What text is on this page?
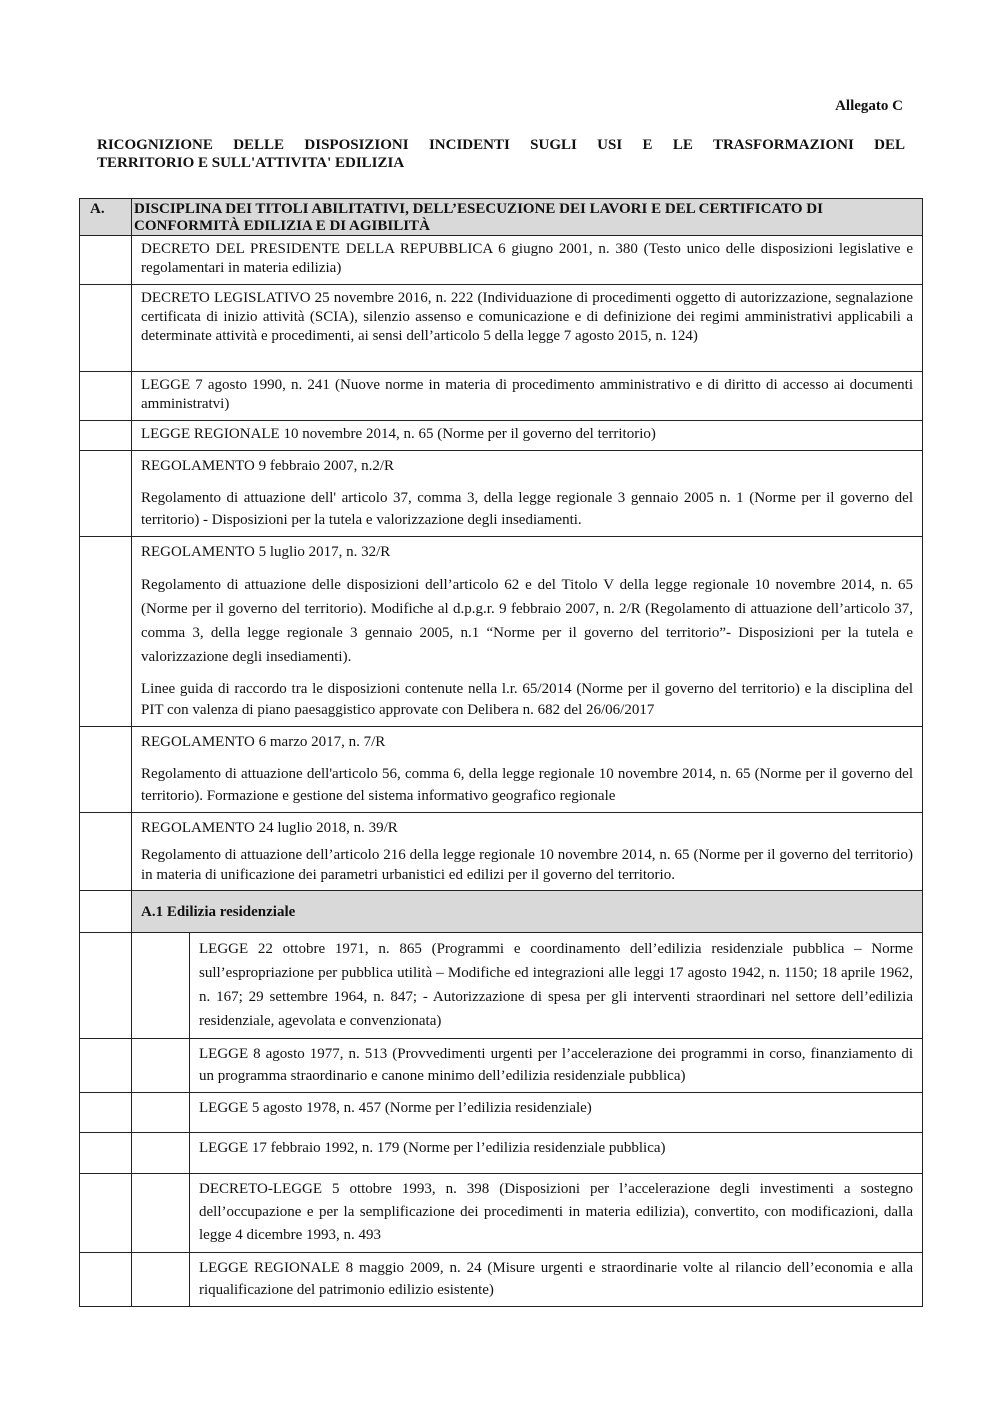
Allegato C
RICOGNIZIONE DELLE DISPOSIZIONI INCIDENTI SUGLI USI E LE TRASFORMAZIONI DEL
TERRITORIO E SULL'ATTIVITA' EDILIZIA
A.	DISCIPLINA DEI TITOLI ABILITATIVI, DELL’ESECUZIONE DEI LAVORI E DEL CERTIFICATO DI CONFORMITÀ EDILIZIA E DI AGIBILITÀ	

	DECRETO DEL PRESIDENTE DELLA REPUBBLICA 6 giugno 2001, n. 380 (Testo unico delle disposizioni legislative e regolamentari in materia edilizia)	

	DECRETO LEGISLATIVO 25 novembre 2016, n. 222 (Individuazione di procedimenti oggetto di autorizzazione, segnalazione certificata di inizio attività (SCIA), silenzio assenso e comunicazione e di definizione dei regimi amministrativi applicabili a determinate attività e procedimenti, ai sensi dell’articolo 5 della legge 7 agosto 2015, n. 124)	

	LEGGE 7 agosto 1990, n. 241 (Nuove norme in materia di procedimento amministrativo e di diritto di accesso ai documenti amministratvi)	

	LEGGE REGIONALE 10 novembre 2014, n. 65 (Norme per il governo del territorio)	

	REGOLAMENTO 9 febbraio 2007, n.2/R

Regolamento di attuazione dell' articolo 37, comma 3, della legge regionale 3 gennaio 2005 n. 1 (Norme per il governo del territorio) - Disposizioni per la tutela e valorizzazione degli insediamenti.	

	REGOLAMENTO 5 luglio 2017, n. 32/R

Regolamento di attuazione delle disposizioni dell’articolo 62 e del Titolo V della legge regionale 10 novembre 2014, n. 65 (Norme per il governo del territorio). Modifiche al d.p.g.r. 9 febbraio 2007, n. 2/R (Regolamento di attuazione dell’articolo 37, comma 3, della legge regionale 3 gennaio 2005, n.1 “Norme per il governo del territorio”- Disposizioni per la tutela e valorizzazione degli insediamenti).

Linee guida di raccordo tra le disposizioni contenute nella l.r. 65/2014 (Norme per il governo del territorio) e la disciplina del PIT con valenza di piano paesaggistico approvate con Delibera n. 682 del 26/06/2017	

	REGOLAMENTO 6 marzo 2017, n. 7/R

Regolamento di attuazione dell'articolo 56, comma 6, della legge regionale 10 novembre 2014, n. 65 (Norme per il governo del territorio). Formazione e gestione del sistema informativo geografico regionale	

	REGOLAMENTO 24 luglio 2018, n. 39/R

Regolamento di attuazione dell’articolo 216 della legge regionale 10 novembre 2014, n. 65 (Norme per il governo del territorio) in materia di unificazione dei parametri urbanistici ed edilizi per il governo del territorio.	

	A.1 Edilizia residenziale	

		LEGGE 22 ottobre 1971, n. 865 (Programmi e coordinamento dell’edilizia residenziale pubblica – Norme sull’espropriazione per pubblica utilità – Modifiche ed integrazioni alle leggi 17 agosto 1942, n. 1150; 18 aprile 1962, n. 167; 29 settembre 1964, n. 847; - Autorizzazione di spesa per gli interventi straordinari nel settore dell’edilizia residenziale, agevolata e convenzionata)

		LEGGE 8 agosto 1977, n. 513 (Provvedimenti urgenti per l’accelerazione dei programmi in corso, finanziamento di un programma straordinario e canone minimo dell’edilizia residenziale pubblica)

		LEGGE 5 agosto 1978, n. 457 (Norme per l’edilizia residenziale)

		LEGGE 17 febbraio 1992, n. 179 (Norme per l’edilizia residenziale pubblica)

		DECRETO-LEGGE 5 ottobre 1993, n. 398 (Disposizioni per l’accelerazione degli investimenti a sostegno dell’occupazione e per la semplificazione dei procedimenti in materia edilizia), convertito, con modificazioni, dalla legge 4 dicembre 1993, n. 493

		LEGGE REGIONALE 8 maggio 2009, n. 24 (Misure urgenti e straordinarie volte al rilancio dell’economia e alla riqualificazione del patrimonio edilizio esistente)
